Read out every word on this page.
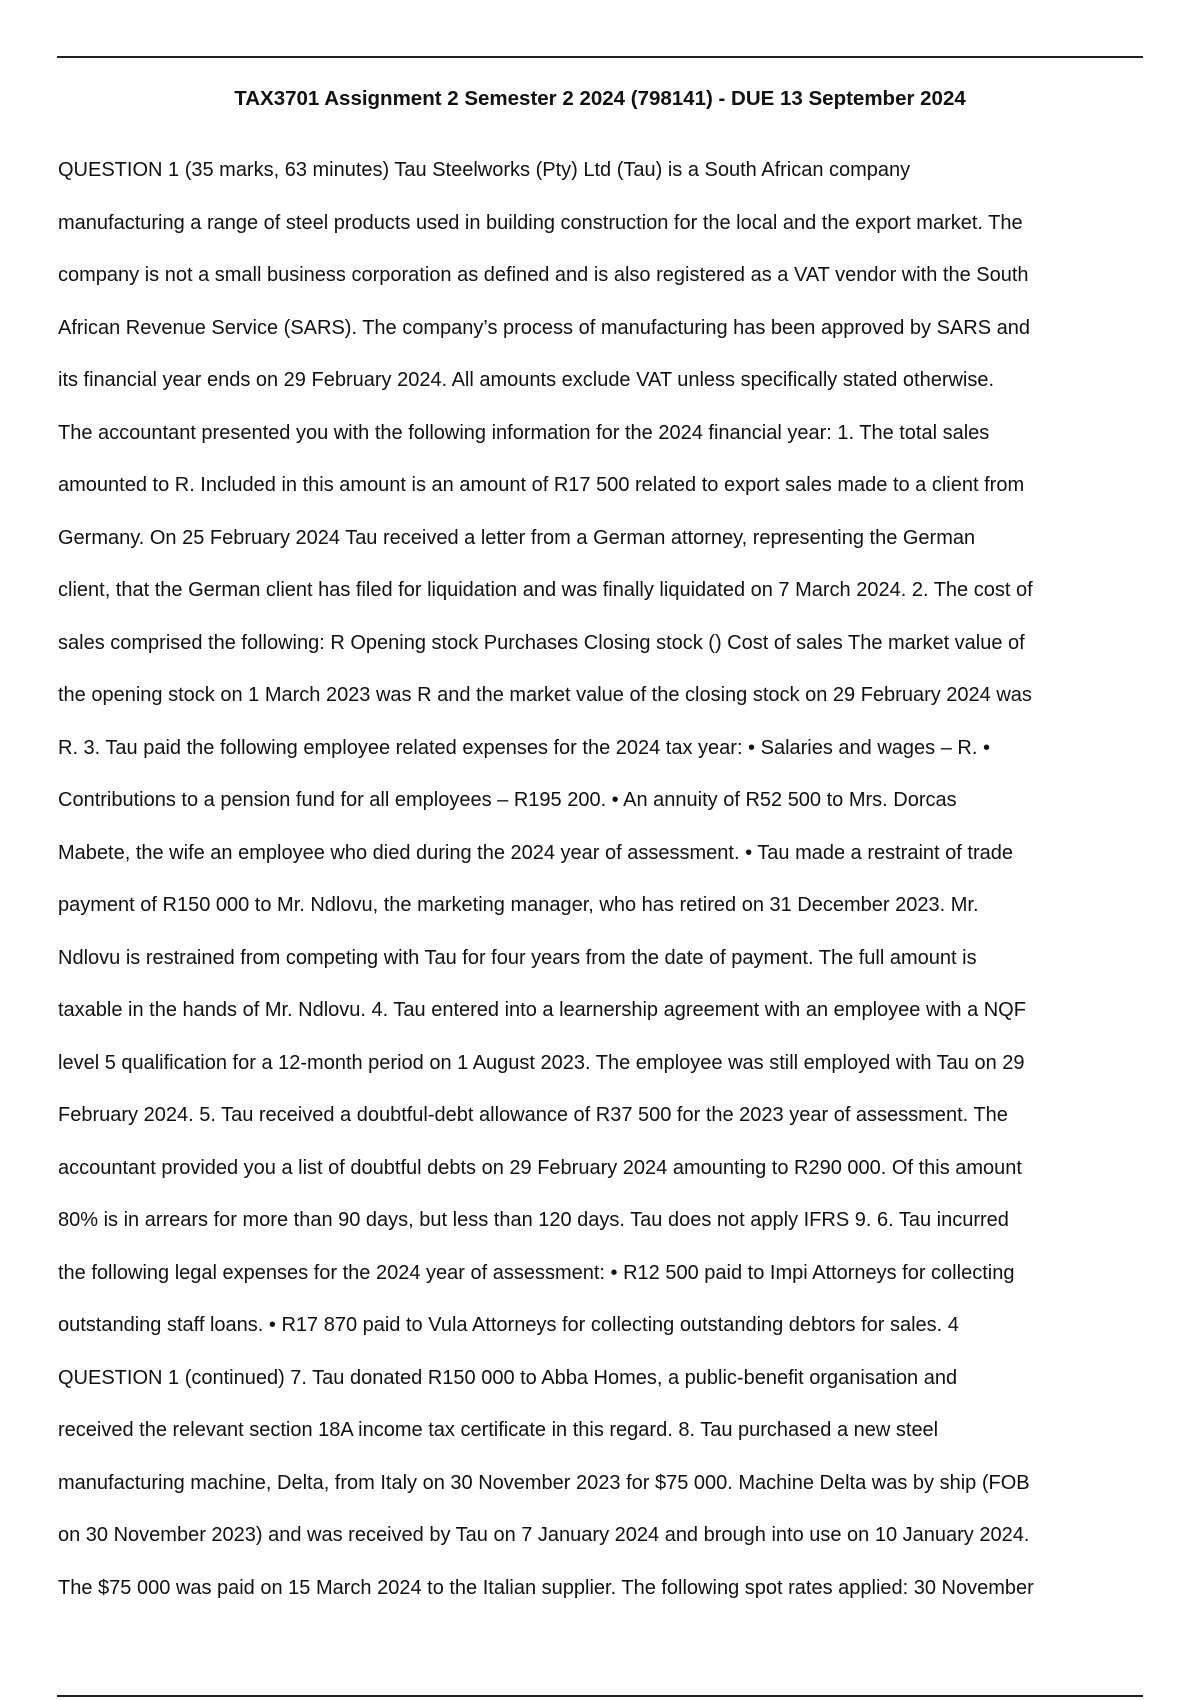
TAX3701 Assignment 2 Semester 2 2024 (798141) - DUE 13 September 2024
QUESTION 1 (35 marks, 63 minutes) Tau Steelworks (Pty) Ltd (Tau) is a South African company
manufacturing a range of steel products used in building construction for the local and the export market. The
company is not a small business corporation as defined and is also registered as a VAT vendor with the South
African Revenue Service (SARS). The company’s process of manufacturing has been approved by SARS and
its financial year ends on 29 February 2024. All amounts exclude VAT unless specifically stated otherwise.
The accountant presented you with the following information for the 2024 financial year: 1. The total sales
amounted to R. Included in this amount is an amount of R17 500 related to export sales made to a client from
Germany. On 25 February 2024 Tau received a letter from a German attorney, representing the German
client, that the German client has filed for liquidation and was finally liquidated on 7 March 2024. 2. The cost of
sales comprised the following: R Opening stock Purchases Closing stock () Cost of sales The market value of
the opening stock on 1 March 2023 was R and the market value of the closing stock on 29 February 2024 was
R. 3. Tau paid the following employee related expenses for the 2024 tax year: • Salaries and wages – R. •
Contributions to a pension fund for all employees – R195 200. • An annuity of R52 500 to Mrs. Dorcas
Mabete, the wife an employee who died during the 2024 year of assessment. • Tau made a restraint of trade
payment of R150 000 to Mr. Ndlovu, the marketing manager, who has retired on 31 December 2023. Mr.
Ndlovu is restrained from competing with Tau for four years from the date of payment. The full amount is
taxable in the hands of Mr. Ndlovu. 4. Tau entered into a learnership agreement with an employee with a NQF
level 5 qualification for a 12-month period on 1 August 2023. The employee was still employed with Tau on 29
February 2024. 5. Tau received a doubtful-debt allowance of R37 500 for the 2023 year of assessment. The
accountant provided you a list of doubtful debts on 29 February 2024 amounting to R290 000. Of this amount
80% is in arrears for more than 90 days, but less than 120 days. Tau does not apply IFRS 9. 6. Tau incurred
the following legal expenses for the 2024 year of assessment: • R12 500 paid to Impi Attorneys for collecting
outstanding staff loans. • R17 870 paid to Vula Attorneys for collecting outstanding debtors for sales. 4
QUESTION 1 (continued) 7. Tau donated R150 000 to Abba Homes, a public-benefit organisation and
received the relevant section 18A income tax certificate in this regard. 8. Tau purchased a new steel
manufacturing machine, Delta, from Italy on 30 November 2023 for $75 000. Machine Delta was by ship (FOB
on 30 November 2023) and was received by Tau on 7 January 2024 and brough into use on 10 January 2024.
The $75 000 was paid on 15 March 2024 to the Italian supplier. The following spot rates applied: 30 November
